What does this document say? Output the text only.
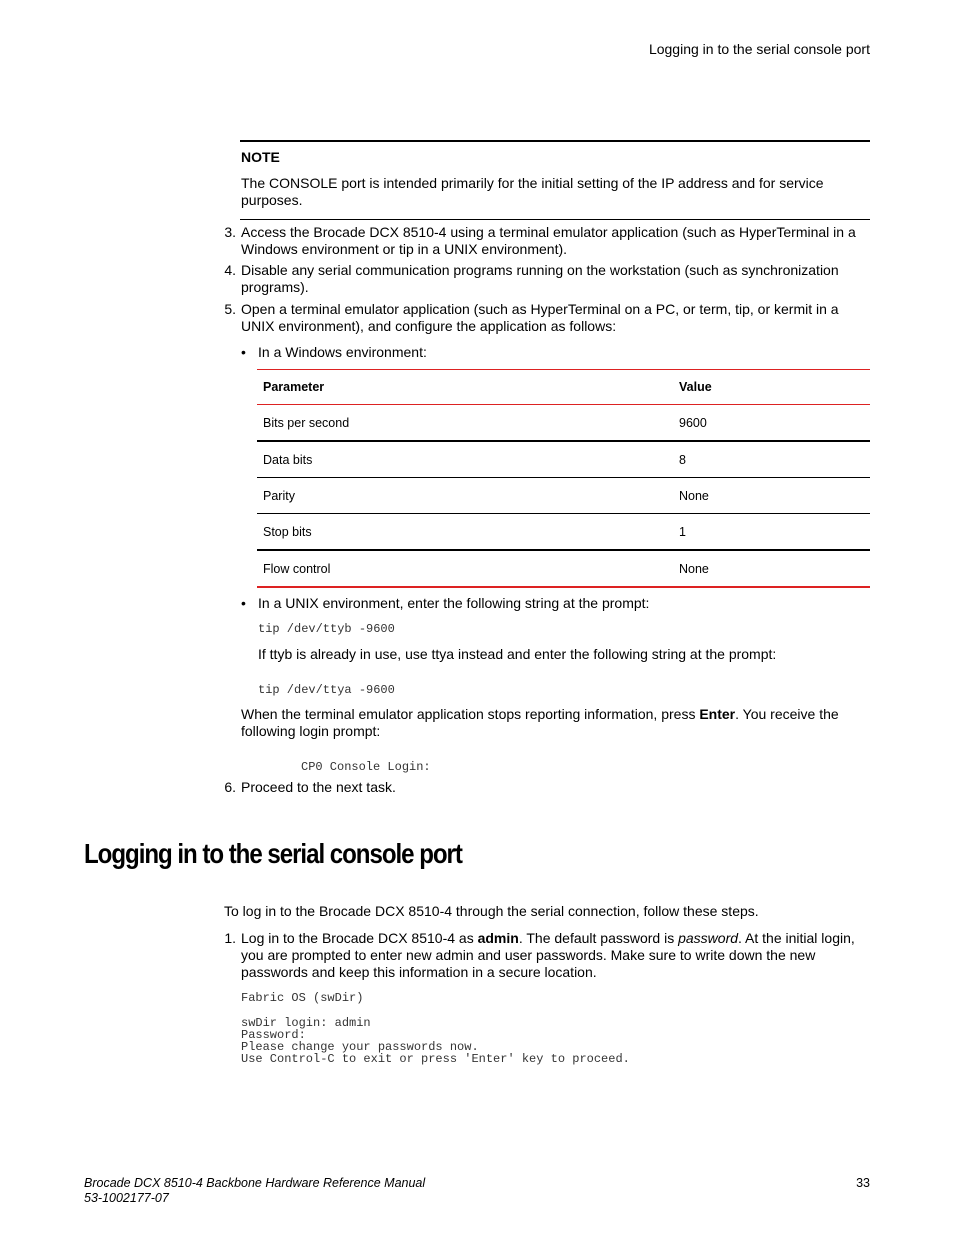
Logging in to the serial console port
NOTE
The CONSOLE port is intended primarily for the initial setting of the IP address and for service purposes.
3. Access the Brocade DCX 8510-4 using a terminal emulator application (such as HyperTerminal in a Windows environment or tip in a UNIX environment).
4. Disable any serial communication programs running on the workstation (such as synchronization programs).
5. Open a terminal emulator application (such as HyperTerminal on a PC, or term, tip, or kermit in a UNIX environment), and configure the application as follows:
• In a Windows environment:
Parameter	Value
Bits per second	9600
Data bits	8
Parity	None
Stop bits	1
Flow control	None
• In a UNIX environment, enter the following string at the prompt:
tip /dev/ttyb -9600
If ttyb is already in use, use ttya instead and enter the following string at the prompt:
tip /dev/ttya -9600
When the terminal emulator application stops reporting information, press Enter. You receive the following login prompt:
CP0 Console Login:
6. Proceed to the next task.
Logging in to the serial console port
To log in to the Brocade DCX 8510-4 through the serial connection, follow these steps.
1. Log in to the Brocade DCX 8510-4 as admin. The default password is password. At the initial login, you are prompted to enter new admin and user passwords. Make sure to write down the new passwords and keep this information in a secure location.
Fabric OS (swDir)
swDir login: admin
Password:
Please change your passwords now.
Use Control-C to exit or press 'Enter' key to proceed.
Brocade DCX 8510-4 Backbone Hardware Reference Manual
53-1002177-07
33
